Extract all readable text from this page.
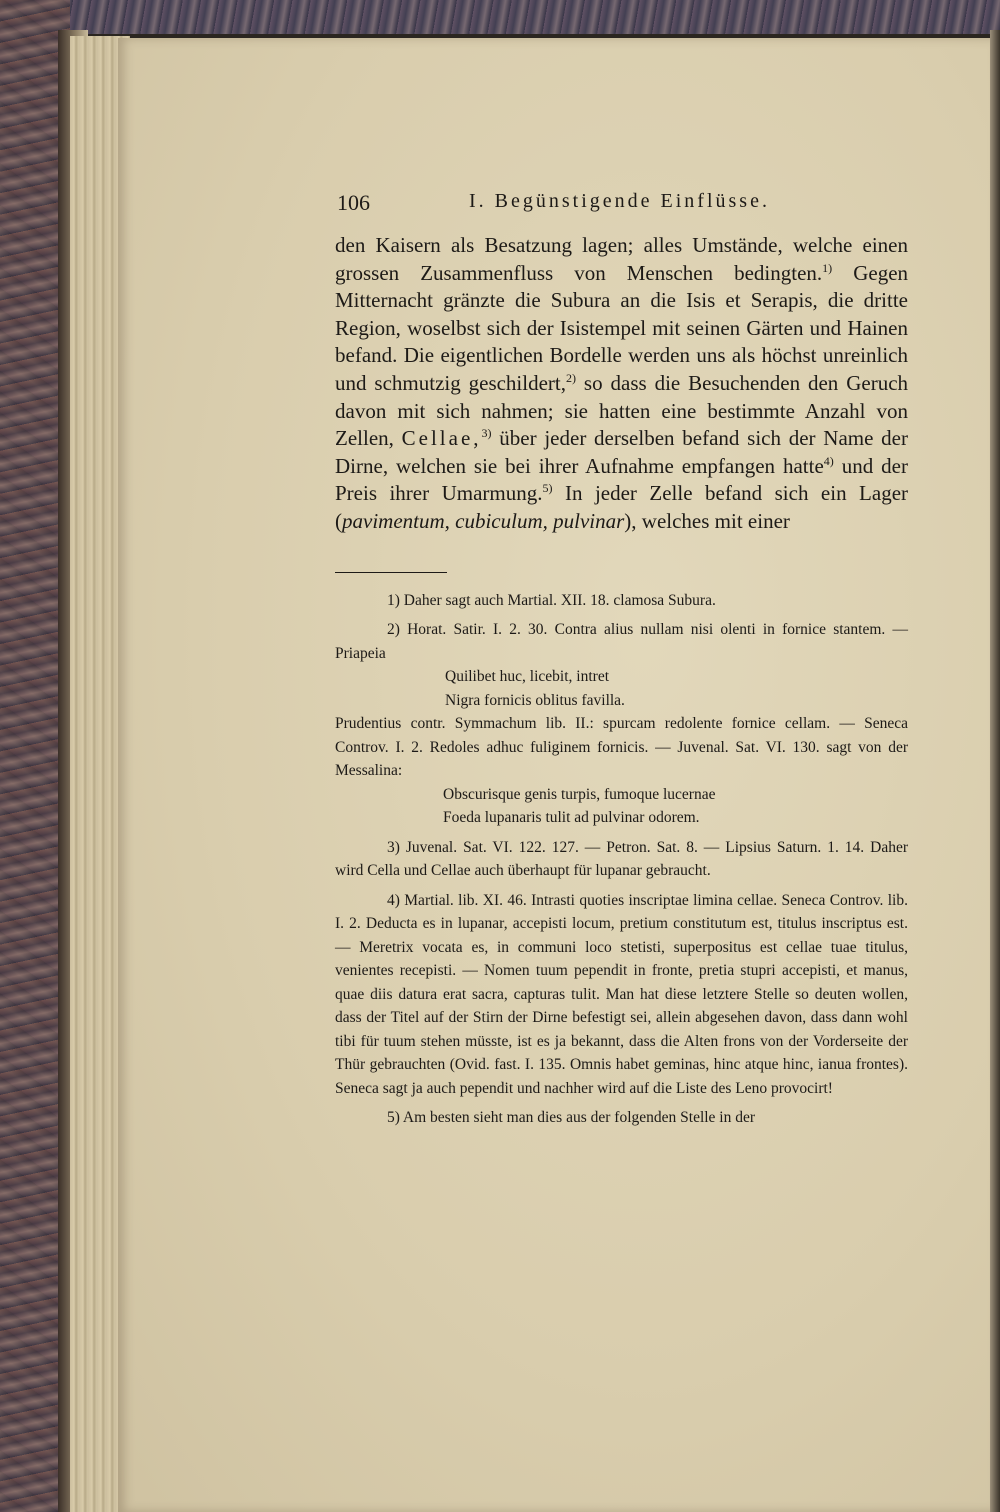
106	I. Begünstigende Einflüsse.

den Kaisern als Besatzung lagen; alles Umstände, welche einen grossen Zusammenfluss von Menschen bedingten.$^{1)}$ Gegen Mitternacht gränzte die Subura an die Isis et Serapis, die dritte Region, woselbst sich der Isistempel mit seinen Gärten und Hainen befand. Die eigentlichen Bordelle werden uns als höchst unreinlich und schmutzig geschildert,$^{2)}$ so dass die Besuchenden den Geruch davon mit sich nahmen; sie hatten eine bestimmte Anzahl von Zellen, Cellae,$^{3)}$ über jeder derselben befand sich der Name der Dirne, welchen sie bei ihrer Aufnahme empfangen hatte$^{4)}$ und der Preis ihrer Umarmung.$^{5)}$ In jeder Zelle befand sich ein Lager (pavimentum, cubiculum, pulvinar), welches mit einer

1) Daher sagt auch Martial. XII. 18. clamosa Subura.

2) Horat. Satir. I. 2. 30. Contra alius nullam nisi olenti in fornice stantem. — Priapeia

Quilibet huc, licebit, intret

Nigra fornicis oblitus favilla.

Prudentius contr. Symmachum lib. II.: spurcam redolente fornice cellam. — Seneca Controv. I. 2. Redoles adhuc fuliginem fornicis. — Juvenal. Sat. VI. 130. sagt von der Messalina:

Obscurisque genis turpis, fumoque lucernae

Foeda lupanaris tulit ad pulvinar odorem.

3) Juvenal. Sat. VI. 122. 127. — Petron. Sat. 8. — Lipsius Saturn. 1. 14. Daher wird Cella und Cellae auch überhaupt für lupanar gebraucht.

4) Martial. lib. XI. 46. Intrasti quoties inscriptae limina cellae. Seneca Controv. lib. I. 2. Deducta es in lupanar, accepisti locum, pretium constitutum est, titulus inscriptus est. — Meretrix vocata es, in communi loco stetisti, superpositus est cellae tuae titulus, venientes recepisti. — Nomen tuum pependit in fronte, pretia stupri accepisti, et manus, quae diis datura erat sacra, capturas tulit. Man hat diese letztere Stelle so deuten wollen, dass der Titel auf der Stirn der Dirne befestigt sei, allein abgesehen davon, dass dann wohl tibi für tuum stehen müsste, ist es ja bekannt, dass die Alten frons von der Vorderseite der Thür gebrauchten (Ovid. fast. I. 135. Omnis habet geminas, hinc atque hinc, ianua frontes). Seneca sagt ja auch pependit und nachher wird auf die Liste des Leno provocirt!

5) Am besten sieht man dies aus der folgenden Stelle in der
